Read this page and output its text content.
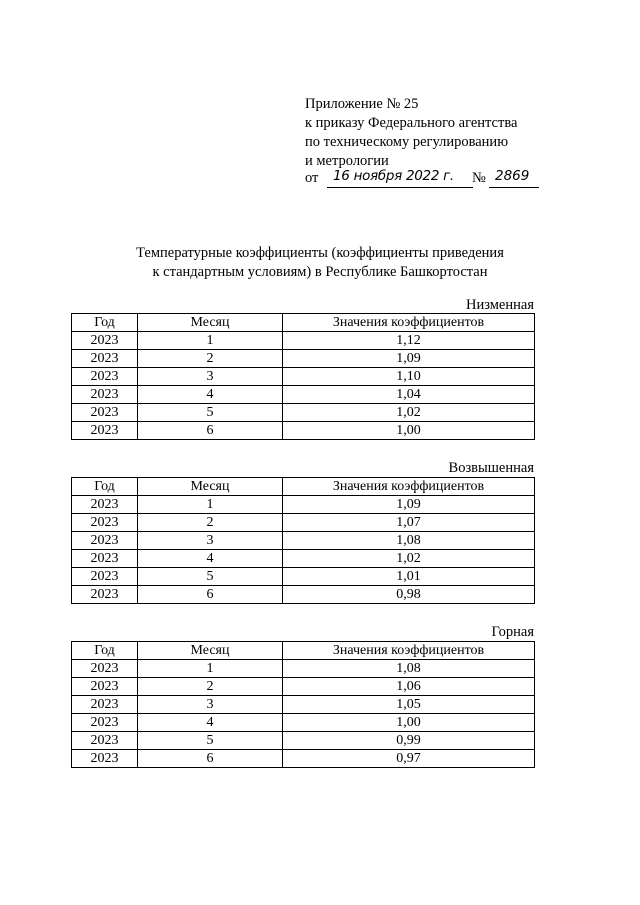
Приложение № 25
к приказу Федерального агентства
по техническому регулированию
и метрологии
от 16 ноября 2022 г. № 2869
Температурные коэффициенты (коэффициенты приведения
к стандартным условиям) в Республике Башкортостан
Низменная
Год	Месяц	Значения коэффициентов
2023	1	1,12
2023	2	1,09
2023	3	1,10
2023	4	1,04
2023	5	1,02
2023	6	1,00
Возвышенная
Год	Месяц	Значения коэффициентов
2023	1	1,09
2023	2	1,07
2023	3	1,08
2023	4	1,02
2023	5	1,01
2023	6	0,98
Горная
Год	Месяц	Значения коэффициентов
2023	1	1,08
2023	2	1,06
2023	3	1,05
2023	4	1,00
2023	5	0,99
2023	6	0,97
